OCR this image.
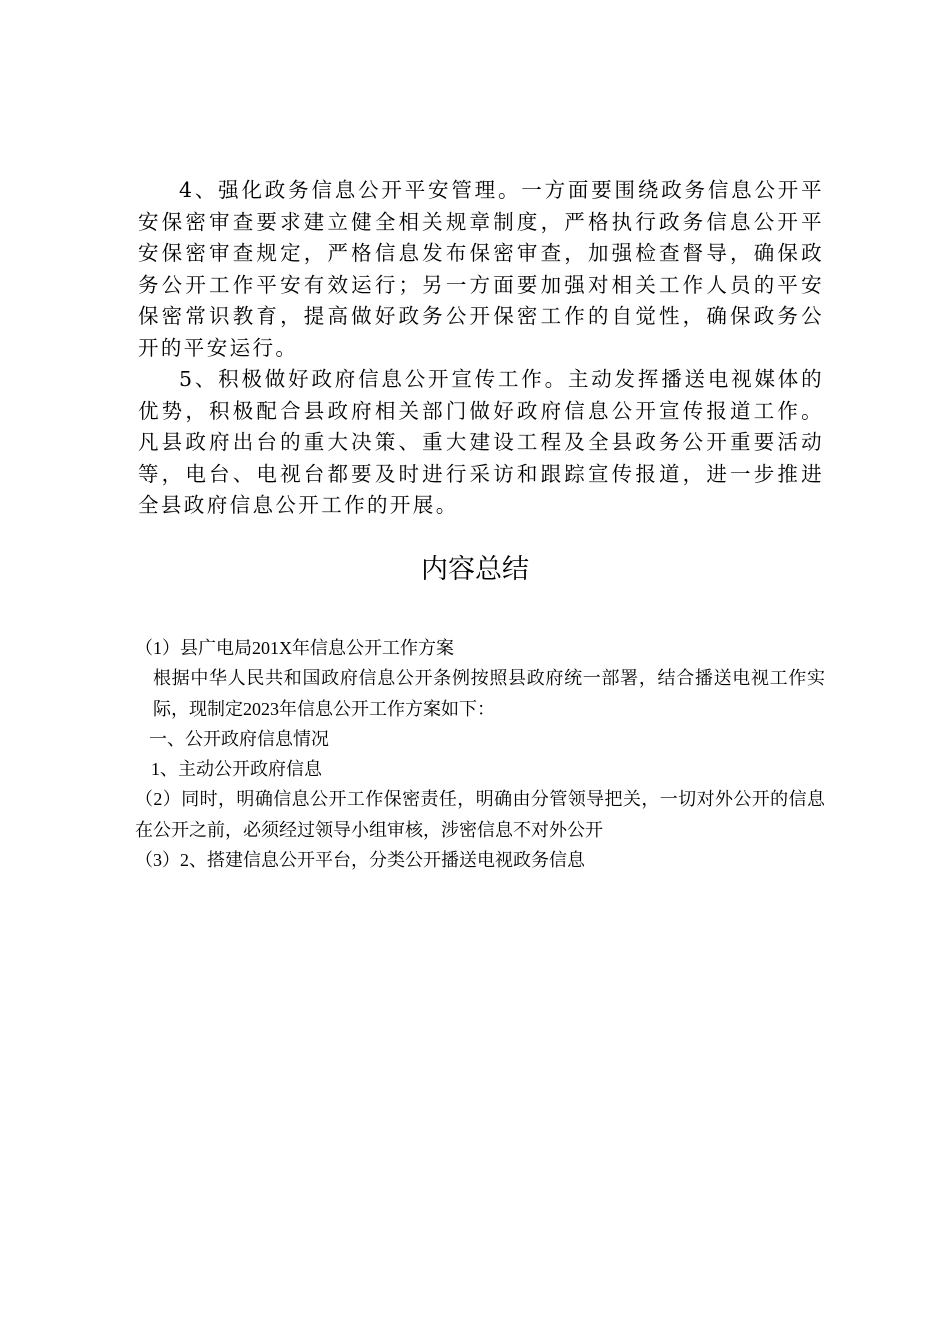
4、强化政务信息公开平安管理。一方面要围绕政务信息公开平安保密审查要求建立健全相关规章制度，严格执行政务信息公开平安保密审查规定，严格信息发布保密审查，加强检查督导，确保政务公开工作平安有效运行；另一方面要加强对相关工作人员的平安保密常识教育，提高做好政务公开保密工作的自觉性，确保政务公开的平安运行。

5、积极做好政府信息公开宣传工作。主动发挥播送电视媒体的优势，积极配合县政府相关部门做好政府信息公开宣传报道工作。凡县政府出台的重大决策、重大建设工程及全县政务公开重要活动等，电台、电视台都要及时进行采访和跟踪宣传报道，进一步推进全县政府信息公开工作的开展。

内容总结

（1）县广电局201X年信息公开工作方案

根据中华人民共和国政府信息公开条例按照县政府统一部署，结合播送电视工作实际，现制定2023年信息公开工作方案如下：

一、公开政府信息情况

1、主动公开政府信息

（2）同时，明确信息公开工作保密责任，明确由分管领导把关，一切对外公开的信息在公开之前，必须经过领导小组审核，涉密信息不对外公开

（3）2、搭建信息公开平台，分类公开播送电视政务信息
